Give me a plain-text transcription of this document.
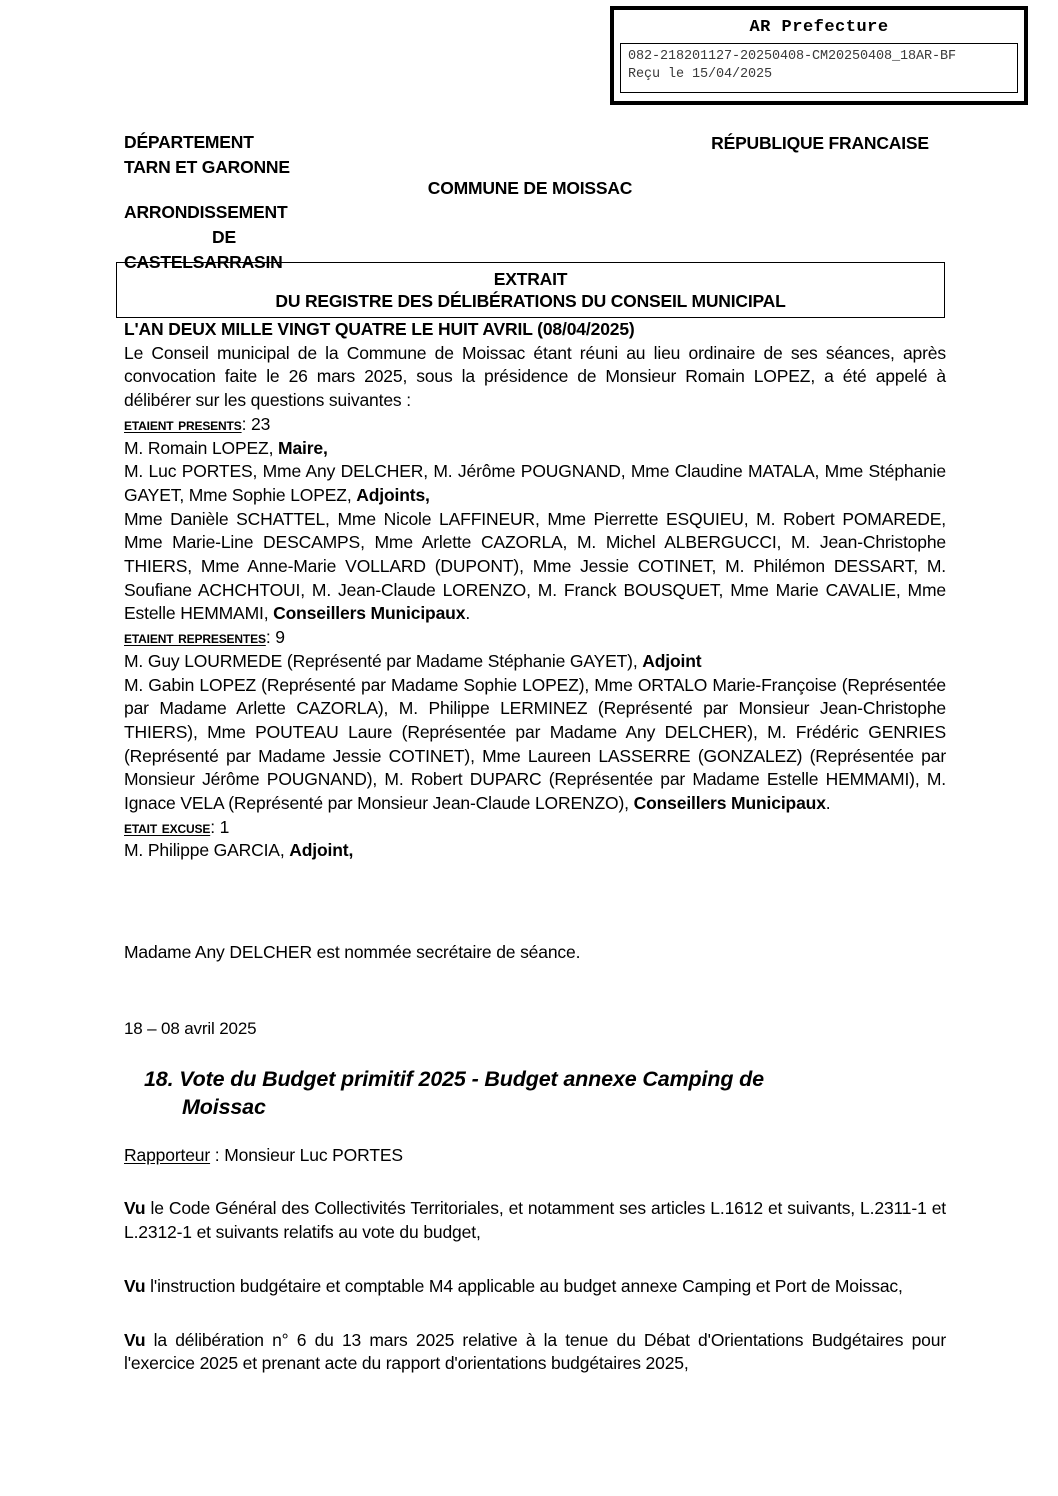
AR Prefecture
082-218201127-20250408-CM20250408_18AR-BF
Reçu le 15/04/2025
DÉPARTEMENT
TARN ET GARONNE
RÉPUBLIQUE FRANCAISE
COMMUNE DE MOISSAC
ARRONDISSEMENT
DE
CASTELSARRASIN
EXTRAIT
DU REGISTRE DES DÉLIBÉRATIONS DU CONSEIL MUNICIPAL

L'AN DEUX MILLE VINGT QUATRE LE HUIT AVRIL (08/04/2025)

Le Conseil municipal de la Commune de Moissac étant réuni au lieu ordinaire de ses séances, après convocation faite le 26 mars 2025, sous la présidence de Monsieur Romain LOPEZ, a été appelé à délibérer sur les questions suivantes :

etaient presents: 23

M. Romain LOPEZ, Maire,

M. Luc PORTES, Mme Any DELCHER, M. Jérôme POUGNAND, Mme Claudine MATALA, Mme Stéphanie GAYET, Mme Sophie LOPEZ, Adjoints,

Mme Danièle SCHATTEL, Mme Nicole LAFFINEUR, Mme Pierrette ESQUIEU, M. Robert POMAREDE, Mme Marie-Line DESCAMPS, Mme Arlette CAZORLA, M. Michel ALBERGUCCI, M. Jean-Christophe THIERS, Mme Anne-Marie VOLLARD (DUPONT), Mme Jessie COTINET, M. Philémon DESSART, M. Soufiane ACHCHTOUI, M. Jean-Claude LORENZO, M. Franck BOUSQUET, Mme Marie CAVALIE, Mme Estelle HEMMAMI, Conseillers Municipaux.

etaient representes: 9

M. Guy LOURMEDE (Représenté par Madame Stéphanie GAYET), Adjoint

M. Gabin LOPEZ (Représenté par Madame Sophie LOPEZ), Mme ORTALO Marie-Françoise (Représentée par Madame Arlette CAZORLA), M. Philippe LERMINEZ (Représenté par Monsieur Jean-Christophe THIERS), Mme POUTEAU Laure (Représentée par Madame Any DELCHER), M. Frédéric GENRIES (Représenté par Madame Jessie COTINET), Mme Laureen LASSERRE (GONZALEZ) (Représentée par Monsieur Jérôme POUGNAND), M. Robert DUPARC (Représentée par Madame Estelle HEMMAMI), M. Ignace VELA (Représenté par Monsieur Jean-Claude LORENZO), Conseillers Municipaux.

etait excuse: 1

M. Philippe GARCIA, Adjoint,

Madame Any DELCHER est nommée secrétaire de séance.

18 – 08 avril 2025

18. Vote du Budget primitif 2025 - Budget annexe Camping de
Moissac

Rapporteur : Monsieur Luc PORTES

Vu le Code Général des Collectivités Territoriales, et notamment ses articles L.1612 et suivants, L.2311-1 et L.2312-1 et suivants relatifs au vote du budget,

Vu l'instruction budgétaire et comptable M4 applicable au budget annexe Camping et Port de Moissac,

Vu la délibération n° 6 du 13 mars 2025 relative à la tenue du Débat d'Orientations Budgétaires pour l'exercice 2025 et prenant acte du rapport d'orientations budgétaires 2025,
